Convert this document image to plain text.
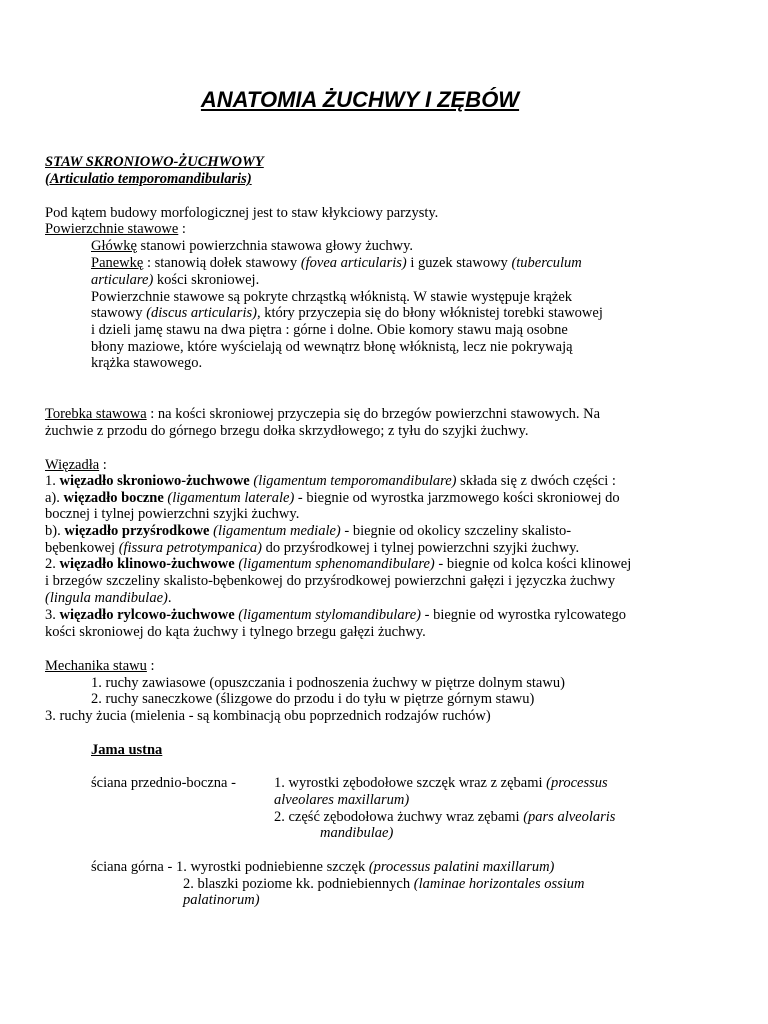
ANATOMIA ŻUCHWY I ZĘBÓW
STAW SKRONIOWO-ŻUCHWOWY
(Articulatio temporomandibularis)
Pod kątem budowy morfologicznej jest to staw kłykciowy parzysty.
Powierzchnie stawowe :
Główkę stanowi powierzchnia stawowa głowy żuchwy.
Panewkę : stanowią dołek stawowy (fovea articularis) i guzek stawowy (tuberculum
articulare) kości skroniowej.
Powierzchnie stawowe są pokryte chrząstką włóknistą. W stawie występuje krążek
stawowy (discus articularis), który przyczepia się do błony włóknistej torebki stawowej
i dzieli jamę stawu na dwa piętra : górne i dolne. Obie komory stawu mają osobne
błony maziowe, które wyścielają od wewnątrz błonę włóknistą, lecz nie pokrywają
krążka stawowego.
Torebka stawowa : na kości skroniowej przyczepia się do brzegów powierzchni stawowych. Na
żuchwie z przodu do górnego brzegu dołka skrzydłowego; z tyłu do szyjki żuchwy.
Więzadła :
1. więzadło skroniowo-żuchwowe (ligamentum temporomandibulare) składa się z dwóch części :
a). więzadło boczne (ligamentum laterale) - biegnie od wyrostka jarzmowego kości skroniowej do
bocznej i tylnej powierzchni szyjki żuchwy.
b). więzadło przyśrodkowe (ligamentum mediale) - biegnie od okolicy szczeliny skalisto-
bębenkowej (fissura petrotympanica) do przyśrodkowej i tylnej powierzchni szyjki żuchwy.
2. więzadło klinowo-żuchwowe (ligamentum sphenomandibulare) - biegnie od kolca kości klinowej
i brzegów szczeliny skalisto-bębenkowej do przyśrodkowej powierzchni gałęzi i języczka żuchwy
(lingula mandibulae).
3. więzadło rylcowo-żuchwowe (ligamentum stylomandibulare) - biegnie od wyrostka rylcowatego
kości skroniowej do kąta żuchwy i tylnego brzegu gałęzi żuchwy.
Mechanika stawu :
1. ruchy zawiasowe (opuszczania i podnoszenia żuchwy w piętrze dolnym stawu)
2. ruchy saneczkowe (ślizgowe do przodu i do tyłu w piętrze górnym stawu)
3. ruchy żucia (mielenia - są kombinacją obu poprzednich rodzajów ruchów)
Jama ustna
ściana przednio-boczna -	1. wyrostki zębodołowe szczęk wraz z zębami (processus
alveolares maxillarum)
2. część zębodołowa żuchwy wraz zębami (pars alveolaris
mandibulae)
ściana górna - 1. wyrostki podniebienne szczęk (processus palatini maxillarum)
2. blaszki poziome kk. podniebiennych (laminae horizontales ossium
palatinorum)
